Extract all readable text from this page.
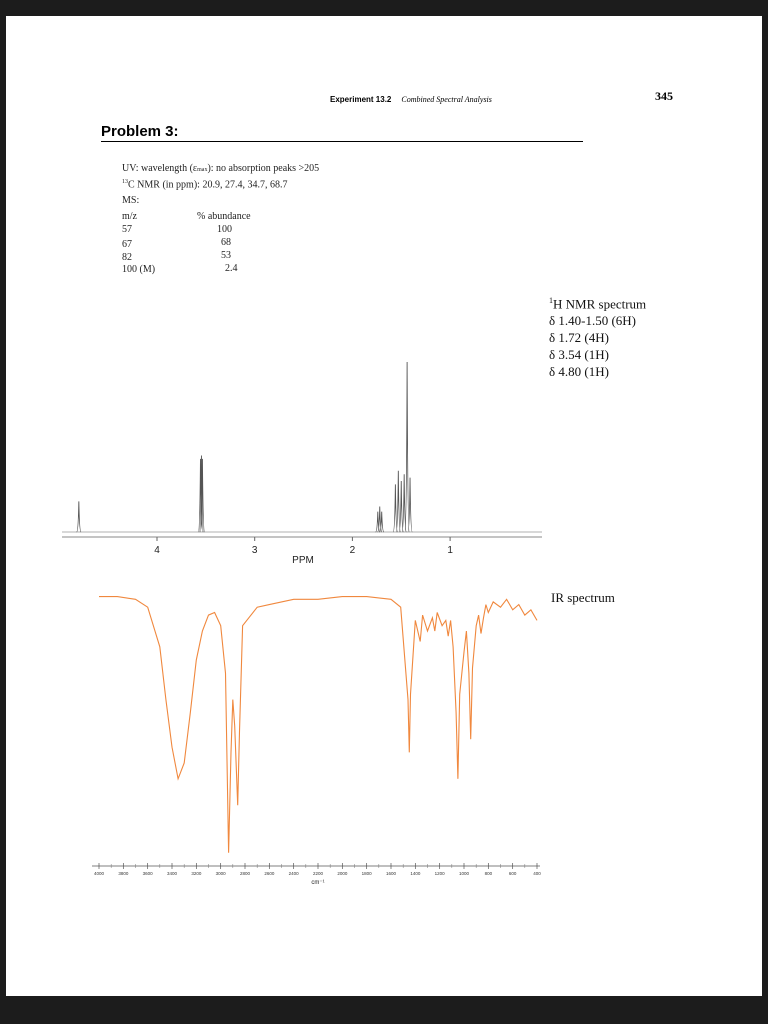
Experiment 13.2 Combined Spectral Analysis	345
Problem 3:
UV: wavelength (εmax): no absorption peaks >205
$^{13}$C NMR (in ppm): 20.9, 27.4, 34.7, 68.7
MS:
m/z	% abundance
57	100
67	68
82	53
100 (M)	2.4
$^1$H NMR spectrum
δ 1.40-1.50 (6H)
δ 1.72 (4H)
δ 3.54 (1H)
δ 4.80 (1H)
IR spectrum
4	3	2	1
PPM
4000	3800	3600	3400	3200	3000	2800	2600	2400	2200	2000	1800	1600	1400	1200	1000	800	600	400
cm⁻¹
